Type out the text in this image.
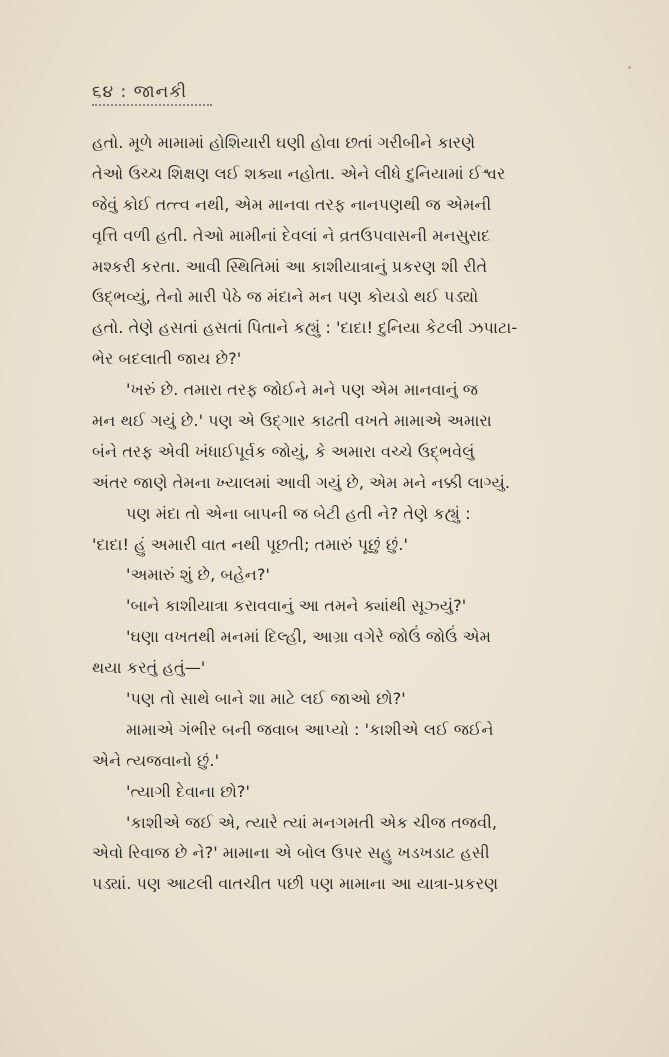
૬૪ : જાનકી
હતો. મૂળે મામામાં હોશિયારી ઘણી હોવા છતાં ગરીબીને કારણે
તેઓ ઉચ્ચ શિક્ષણ લઈ શક્યા નહોતા. એને લીધે દુનિયામાં ઈશ્વર
જેવું કોઈ તત્ત્વ નથી, એમ માનવા તરફ નાનપણથી જ એમની
વૃત્તિ વળી હતી. તેઓ મામીનાં દેવલાં ને વ્રતઉપવાસની મનસુરાદ
મશ્કરી કરતા. આવી સ્થિતિમાં આ કાશીયાત્રાનું પ્રકરણ શી રીતે
ઉદ્ભવ્યું, તેનો મારી પેઠે જ મંદાને મન પણ કોયડો થઈ પડ્યો
હતો. તેણે હસતાં હસતાં પિતાને કહ્યું : 'દાદા! દુનિયા કેટલી ઝપાટા-
ભેર બદલાતી જાય છે?'
'ખરું છે. તમારા તરફ જોઈને મને પણ એમ માનવાનું જ
મન થઈ ગયું છે.' પણ એ ઉદ્ગાર કાઢતી વખતે મામાએ અમારા
બંને તરફ એવી ખંધાઈપૂર્વક જોયું, કે અમારા વચ્ચે ઉદ્ભવેલું
અંતર જાણે તેમના ખ્યાલમાં આવી ગયું છે, એમ મને નક્કી લાગ્યું.
પણ મંદા તો એના બાપની જ બેટી હતી ને? તેણે કહ્યું :
'દાદા! હું અમારી વાત નથી પૂછતી; તમારું પૂછું છું.'
'અમારું શું છે, બહેન?'
'બાને કાશીયાત્રા કરાવવાનું આ તમને ક્યાંથી સૂઝ્યું?'
'ઘણા વખતથી મનમાં દિલ્હી, આગ્રા વગેરે જોઉં જોઉં એમ
થયા કરતું હતું—'
'પણ તો સાથે બાને શા માટે લઈ જાઓ છો?'
મામાએ ગંભીર બની જવાબ આપ્યો : 'કાશીએ લઈ જઈને
એને ત્યજવાનો છું.'
'ત્યાગી દેવાના છો?'
'કાશીએ જઈ એ, ત્યારે ત્યાં મનગમતી એક ચીજ તજવી,
એવો રિવાજ છે ને?' મામાના એ બોલ ઉપર સહુ ખડખડાટ હસી
પડ્યાં. પણ આટલી વાતચીત પછી પણ મામાના આ યાત્રા-પ્રકરણ
